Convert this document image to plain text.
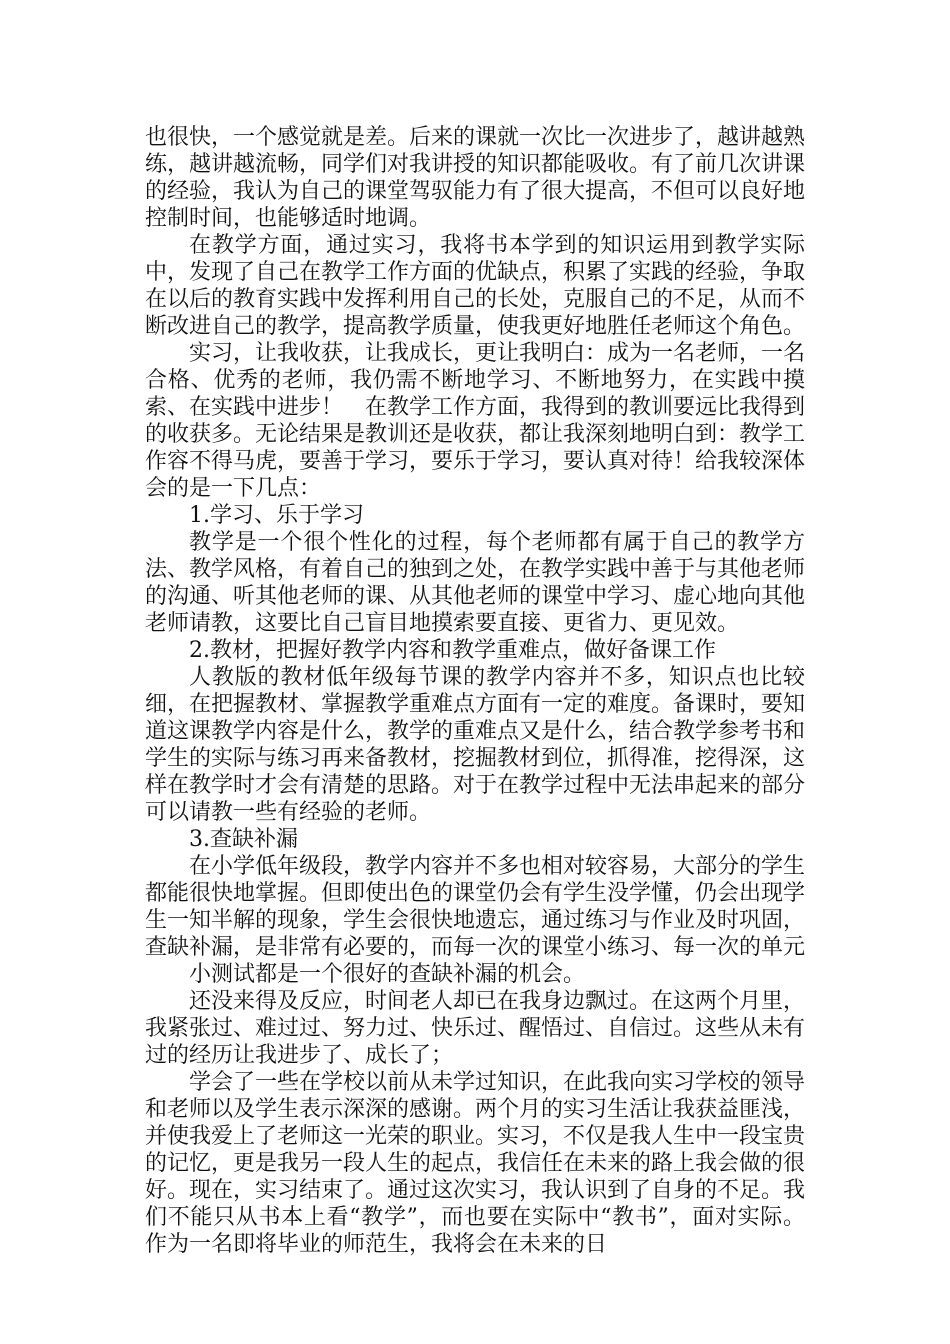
也很快，一个感觉就是差。后来的课就一次比一次进步了，越讲越熟练，越讲越流畅，同学们对我讲授的知识都能吸收。有了前几次讲课的经验，我认为自己的课堂驾驭能力有了很大提高，不但可以良好地控制时间，也能够适时地调。

在教学方面，通过实习，我将书本学到的知识运用到教学实际中，发现了自己在教学工作方面的优缺点，积累了实践的经验，争取在以后的教育实践中发挥利用自己的长处，克服自己的不足，从而不断改进自己的教学，提高教学质量，使我更好地胜任老师这个角色。

实习，让我收获，让我成长，更让我明白：成为一名老师，一名合格、优秀的老师，我仍需不断地学习、不断地努力，在实践中摸索、在实践中进步！　在教学工作方面，我得到的教训要远比我得到的收获多。无论结果是教训还是收获，都让我深刻地明白到：教学工作容不得马虎，要善于学习，要乐于学习，要认真对待！给我较深体会的是一下几点：

1.学习、乐于学习

教学是一个很个性化的过程，每个老师都有属于自己的教学方法、教学风格，有着自己的独到之处，在教学实践中善于与其他老师的沟通、听其他老师的课、从其他老师的课堂中学习、虚心地向其他老师请教，这要比自己盲目地摸索要直接、更省力、更见效。

2.教材，把握好教学内容和教学重难点，做好备课工作

人教版的教材低年级每节课的教学内容并不多，知识点也比较细，在把握教材、掌握教学重难点方面有一定的难度。备课时，要知道这课教学内容是什么，教学的重难点又是什么，结合教学参考书和学生的实际与练习再来备教材，挖掘教材到位，抓得准，挖得深，这样在教学时才会有清楚的思路。对于在教学过程中无法串起来的部分可以请教一些有经验的老师。

3.查缺补漏

在小学低年级段，教学内容并不多也相对较容易，大部分的学生都能很快地掌握。但即使出色的课堂仍会有学生没学懂，仍会出现学生一知半解的现象，学生会很快地遗忘，通过练习与作业及时巩固，查缺补漏，是非常有必要的，而每一次的课堂小练习、每一次的单元

小测试都是一个很好的查缺补漏的机会。

还没来得及反应，时间老人却已在我身边飘过。在这两个月里，我紧张过、难过过、努力过、快乐过、醒悟过、自信过。这些从未有过的经历让我进步了、成长了；

学会了一些在学校以前从未学过知识，在此我向实习学校的领导和老师以及学生表示深深的感谢。两个月的实习生活让我获益匪浅，并使我爱上了老师这一光荣的职业。实习，不仅是我人生中一段宝贵的记忆，更是我另一段人生的起点，我信任在未来的路上我会做的很好。现在，实习结束了。通过这次实习，我认识到了自身的不足。我们不能只从书本上看“教学”，而也要在实际中“教书”，面对实际。作为一名即将毕业的师范生，我将会在未来的日
